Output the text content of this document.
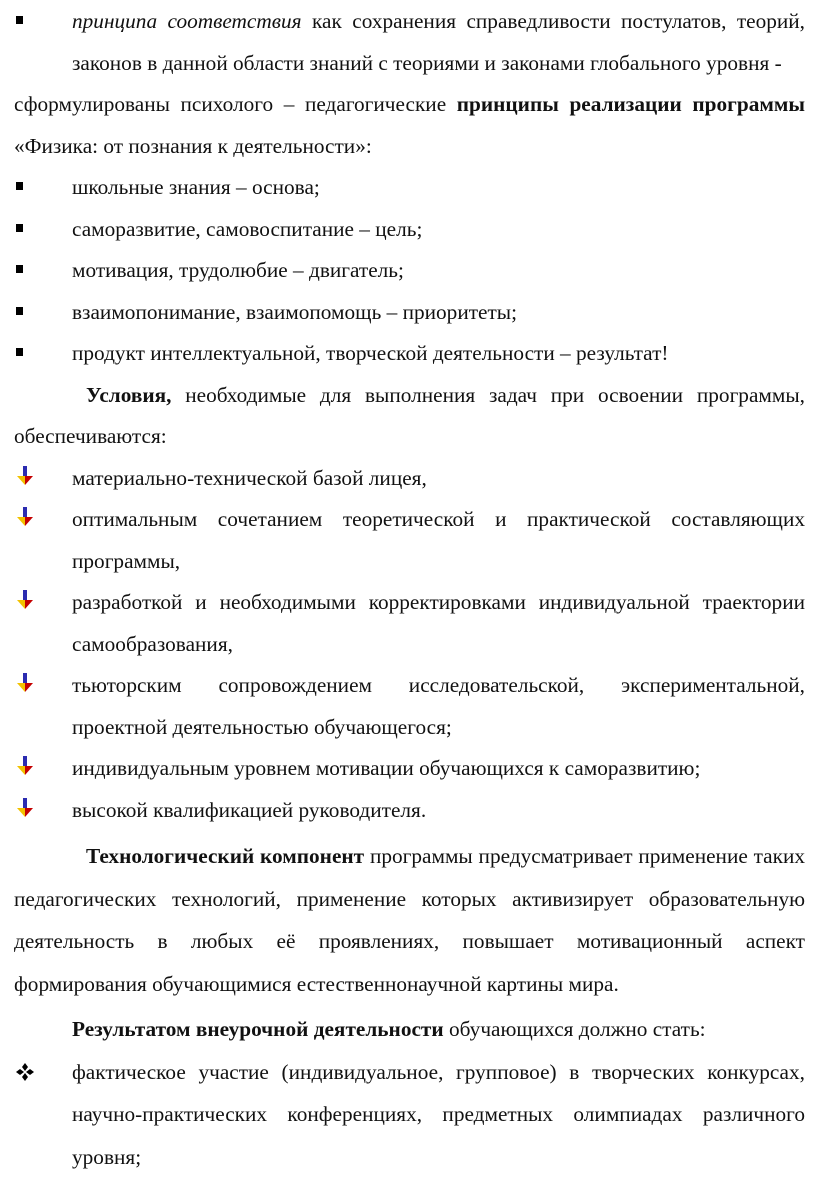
принципа соответствия как сохранения справедливости постулатов, теорий, законов в данной области знаний с теориями и законами глобального уровня -

сформулированы психолого – педагогические принципы реализации программы «Физика: от познания к деятельности»:

школьные знания – основа;

саморазвитие, самовоспитание – цель;

мотивация, трудолюбие – двигатель;

взаимопонимание, взаимопомощь – приоритеты;

продукт интеллектуальной, творческой деятельности – результат!

Условия, необходимые для выполнения задач при освоении программы, обеспечиваются:

материально-технической базой лицея,

оптимальным сочетанием теоретической и практической составляющих программы,

разработкой и необходимыми корректировками индивидуальной траектории самообразования,

тьюторским сопровождением исследовательской, экспериментальной, проектной деятельностью обучающегося;

индивидуальным уровнем мотивации обучающихся к саморазвитию;

высокой квалификацией руководителя.

Технологический компонент программы предусматривает применение таких педагогических технологий, применение которых активизирует образовательную деятельность в любых её проявлениях, повышает мотивационный аспект формирования обучающимися естественнонаучной картины мира.

Результатом внеурочной деятельности обучающихся должно стать:

фактическое участие (индивидуальное, групповое) в творческих конкурсах, научно-практических конференциях, предметных олимпиадах различного уровня;
